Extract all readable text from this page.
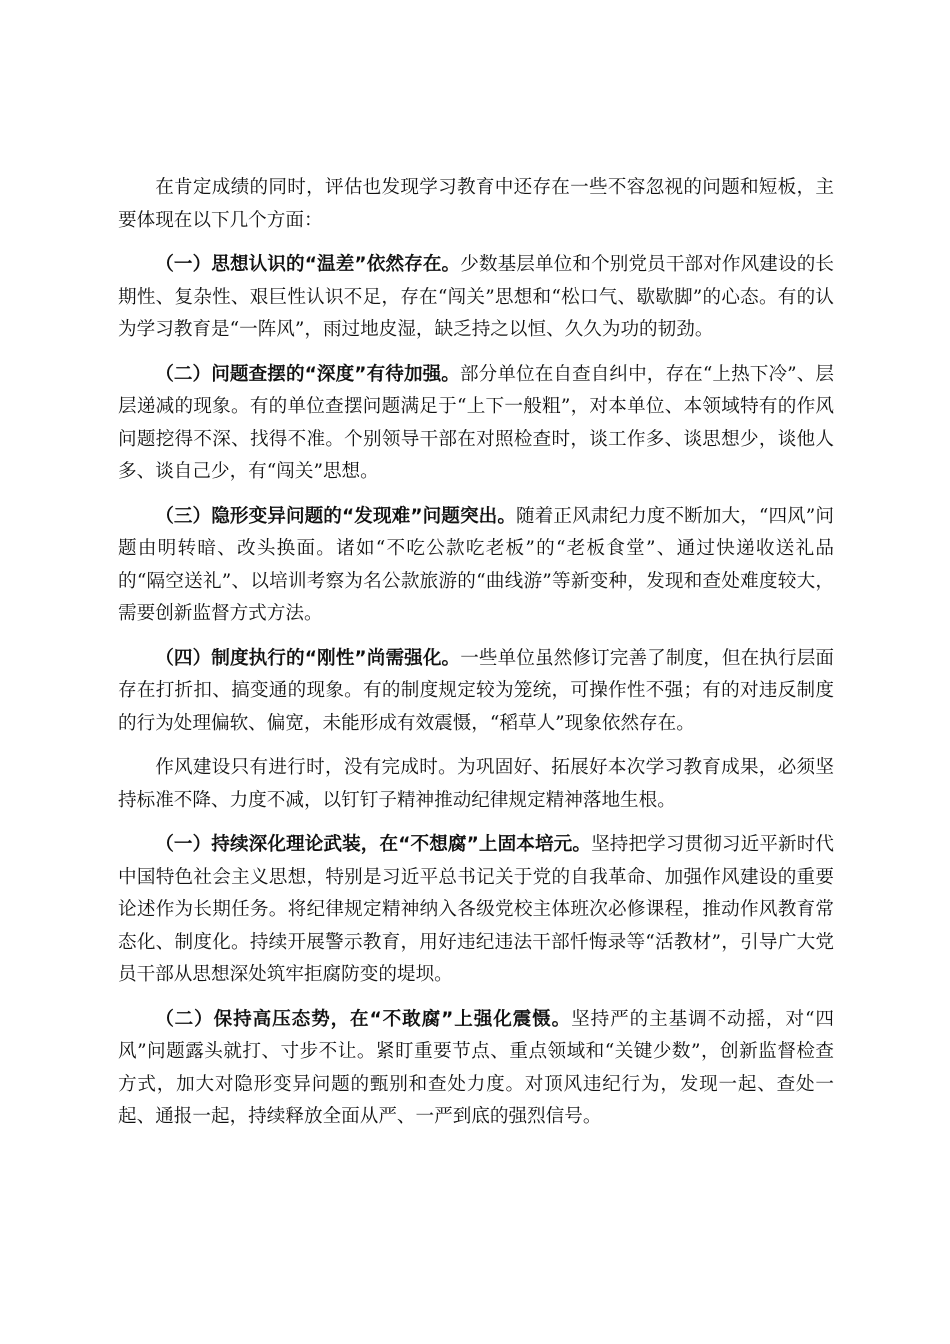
在肯定成绩的同时，评估也发现学习教育中还存在一些不容忽视的问题和短板，主要体现在以下几个方面：

（一）思想认识的“温差”依然存在。少数基层单位和个别党员干部对作风建设的长期性、复杂性、艰巨性认识不足，存在“闯关”思想和“松口气、歇歇脚”的心态。有的认为学习教育是“一阵风”，雨过地皮湿，缺乏持之以恒、久久为功的韧劲。

（二）问题查摆的“深度”有待加强。部分单位在自查自纠中，存在“上热下冷”、层层递减的现象。有的单位查摆问题满足于“上下一般粗”，对本单位、本领域特有的作风问题挖得不深、找得不准。个别领导干部在对照检查时，谈工作多、谈思想少，谈他人多、谈自己少，有“闯关”思想。

（三）隐形变异问题的“发现难”问题突出。随着正风肃纪力度不断加大，“四风”问题由明转暗、改头换面。诸如“不吃公款吃老板”的“老板食堂”、通过快递收送礼品的“隔空送礼”、以培训考察为名公款旅游的“曲线游”等新变种，发现和查处难度较大，需要创新监督方式方法。

（四）制度执行的“刚性”尚需强化。一些单位虽然修订完善了制度，但在执行层面存在打折扣、搞变通的现象。有的制度规定较为笼统，可操作性不强；有的对违反制度的行为处理偏软、偏宽，未能形成有效震慑，“稻草人”现象依然存在。

作风建设只有进行时，没有完成时。为巩固好、拓展好本次学习教育成果，必须坚持标准不降、力度不减，以钉钉子精神推动纪律规定精神落地生根。

（一）持续深化理论武装，在“不想腐”上固本培元。坚持把学习贯彻习近平新时代中国特色社会主义思想，特别是习近平总书记关于党的自我革命、加强作风建设的重要论述作为长期任务。将纪律规定精神纳入各级党校主体班次必修课程，推动作风教育常态化、制度化。持续开展警示教育，用好违纪违法干部忏悔录等“活教材”，引导广大党员干部从思想深处筑牢拒腐防变的堤坝。

（二）保持高压态势，在“不敢腐”上强化震慑。坚持严的主基调不动摇，对“四风”问题露头就打、寸步不让。紧盯重要节点、重点领域和“关键少数”，创新监督检查方式，加大对隐形变异问题的甄别和查处力度。对顶风违纪行为，发现一起、查处一起、通报一起，持续释放全面从严、一严到底的强烈信号。
